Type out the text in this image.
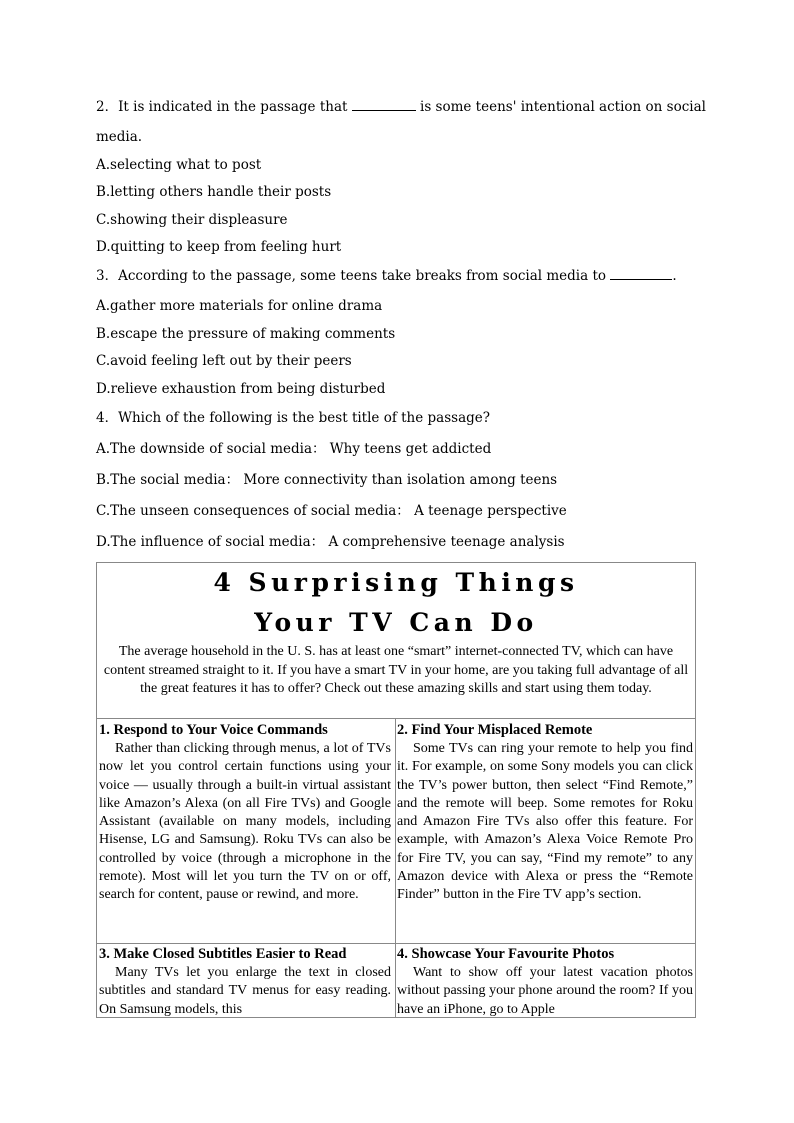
2．It is indicated in the passage that	is some teens' intentional action on social
media.
A.selecting what to post
B.letting others handle their posts
C.showing their displeasure
D.quitting to keep from feeling hurt
3．According to the passage, some teens take breaks from social media to	.
A.gather more materials for online drama
B.escape the pressure of making comments
C.avoid feeling left out by their peers
D.relieve exhaustion from being disturbed
4．Which of the following is the best title of the passage?
A.The downside of social media： Why teens get addicted
B.The social media： More connectivity than isolation among teens
C.The unseen consequences of social media： A teenage perspective
D.The influence of social media： A comprehensive teenage analysis
4 Surprising Things
Your TV Can Do
The average household in the U. S. has at least one “smart” internet-connected TV, which can have content streamed straight to it. If you have a smart TV in your home, are you taking full advantage of all the great features it has to offer? Check out these amazing skills and start using them today.
1. Respond to Your Voice Commands

Rather than clicking through menus, a lot of TVs now let you control certain functions using your voice — usually through a built-in virtual assistant like Amazon’s Alexa (on all Fire TVs) and Google Assistant (available on many models, including Hisense, LG and Samsung). Roku TVs can also be controlled by voice (through a microphone in the remote). Most will let you turn the TV on or off, search for content, pause or rewind, and more.

2. Find Your Misplaced Remote

Some TVs can ring your remote to help you find it. For example, on some Sony models you can click the TV’s power button, then select “Find Remote,” and the remote will beep. Some remotes for Roku and Amazon Fire TVs also offer this feature. For example, with Amazon’s Alexa Voice Remote Pro for Fire TV, you can say, “Find my remote” to any Amazon device with Alexa or press the “Remote Finder” button in the Fire TV app’s section.

3. Make Closed Subtitles Easier to Read

Many TVs let you enlarge the text in closed subtitles and standard TV menus for easy reading. On Samsung models, this

4. Showcase Your Favourite Photos

Want to show off your latest vacation photos without passing your phone around the room? If you have an iPhone, go to Apple
